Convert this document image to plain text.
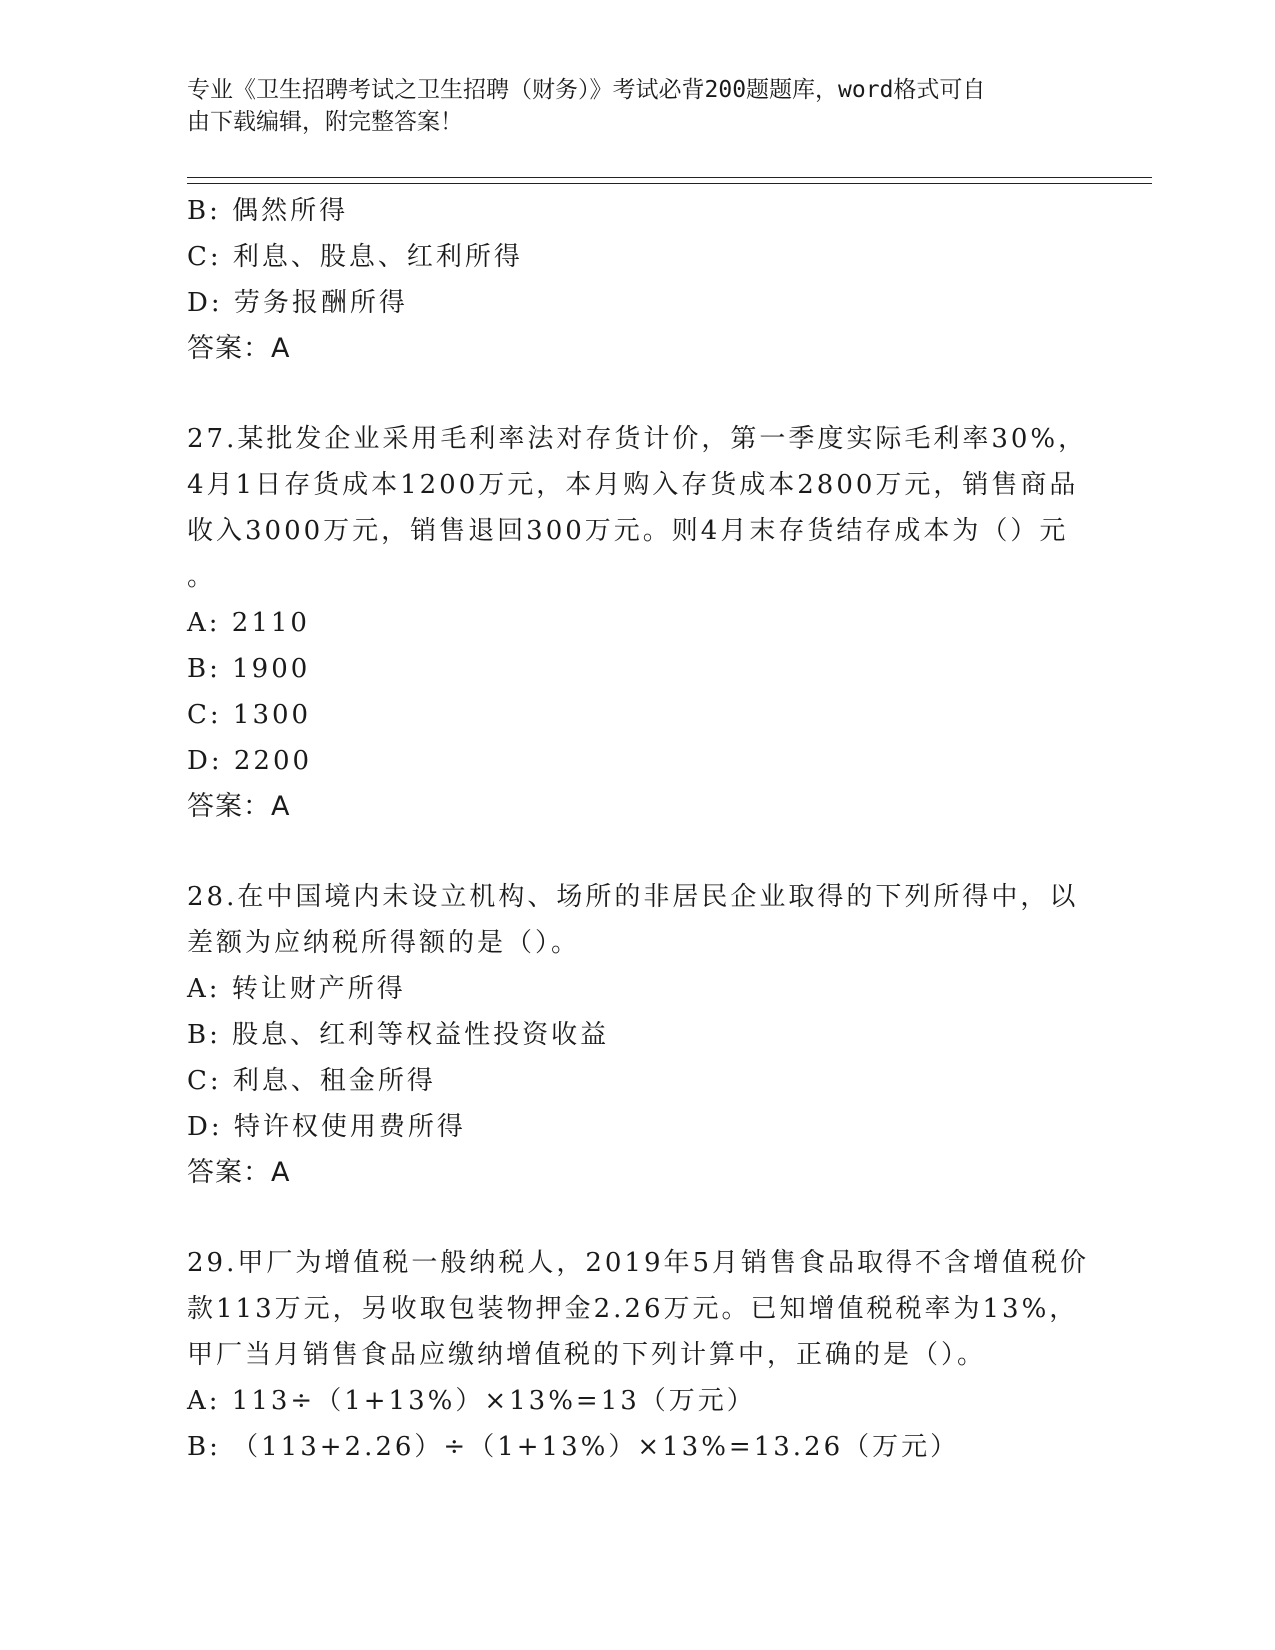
专业《卫生招聘考试之卫生招聘（财务）》考试必背200题题库，word格式可自
由下载编辑，附完整答案！
B: 偶然所得
C: 利息、股息、红利所得
D: 劳务报酬所得
答案：A
27.某批发企业采用毛利率法对存货计价，第一季度实际毛利率30%，
4月1日存货成本1200万元，本月购入存货成本2800万元，销售商品
收入3000万元，销售退回300万元。则4月末存货结存成本为（）元
。
A: 2110
B: 1900
C: 1300
D: 2200
答案：A
28.在中国境内未设立机构、场所的非居民企业取得的下列所得中，以
差额为应纳税所得额的是（）。
A: 转让财产所得
B: 股息、红利等权益性投资收益
C: 利息、租金所得
D: 特许权使用费所得
答案：A
29.甲厂为增值税一般纳税人，2019年5月销售食品取得不含增值税价
款113万元，另收取包装物押金2.26万元。已知增值税税率为13%，
甲厂当月销售食品应缴纳增值税的下列计算中，正确的是（）。
A: 113÷（1+13%）×13%=13（万元）
B: （113+2.26）÷（1+13%）×13%=13.26（万元）
